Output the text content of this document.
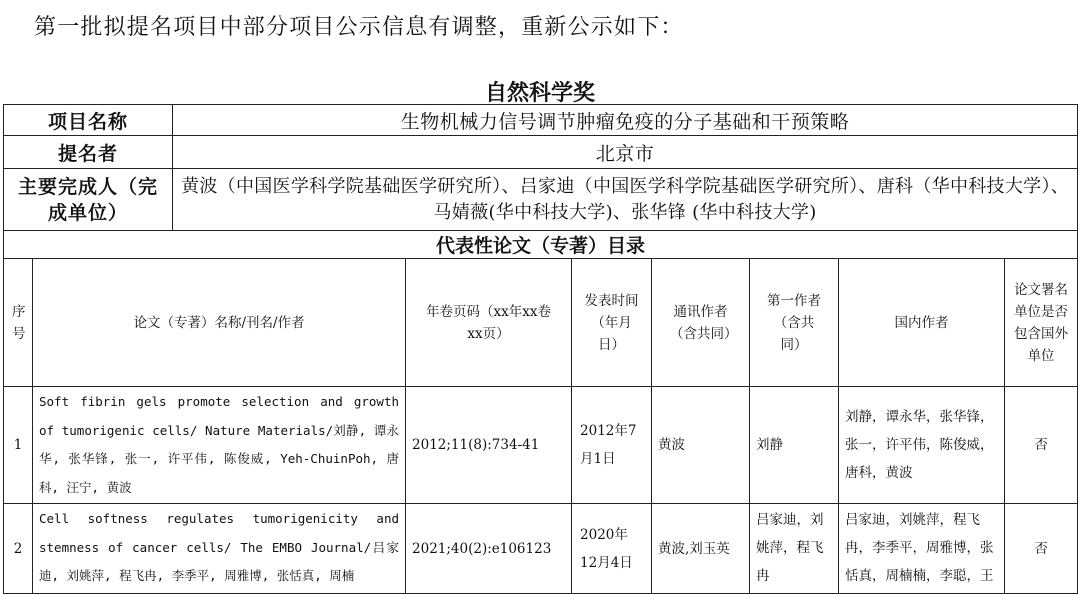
第一批拟提名项目中部分项目公示信息有调整，重新公示如下：
自然科学奖
项目名称		生物机械力信号调节肿瘤免疫的分子基础和干预策略						
提名者		北京市						
主要完成人（完成单位）		黄波（中国医学科学院基础医学研究所）、吕家迪（中国医学科学院基础医学研究所）、唐科（华中科技大学）、马婧薇(华中科技大学)、张华锋 (华中科技大学)						
代表性论文（专著）目录								
序号	论文（专著）名称/刊名/作者		年卷页码（xx年xx卷xx页）	发表时间（年月日）	通讯作者（含共同）	第一作者（含共同）	国内作者	论文署名单位是否包含国外单位
1	Soft fibrin gels promote selection and growth of tumorigenic cells/ Nature Materials/刘静, 谭永华, 张华锋, 张一, 许平伟, 陈俊威, Yeh-ChuinPoh, 唐科, 汪宁, 黄波		2012;11(8):734-41	2012年7月1日	黄波	刘静	刘静，谭永华，张华锋，张一，许平伟，陈俊威，唐科，黄波	否
2	Cell softness regulates tumorigenicity and stemness of cancer cells/ The EMBO Journal/吕家迪, 刘姚萍, 程飞冉, 李季平, 周雅博, 张恬真, 周楠		2021;40(2):e106123	2020年12月4日	黄波,刘玉英	吕家迪，刘姚萍，程飞冉	吕家迪，刘姚萍，程飞冉，李季平，周雅博，张恬真，周楠楠，李聪，王	否
